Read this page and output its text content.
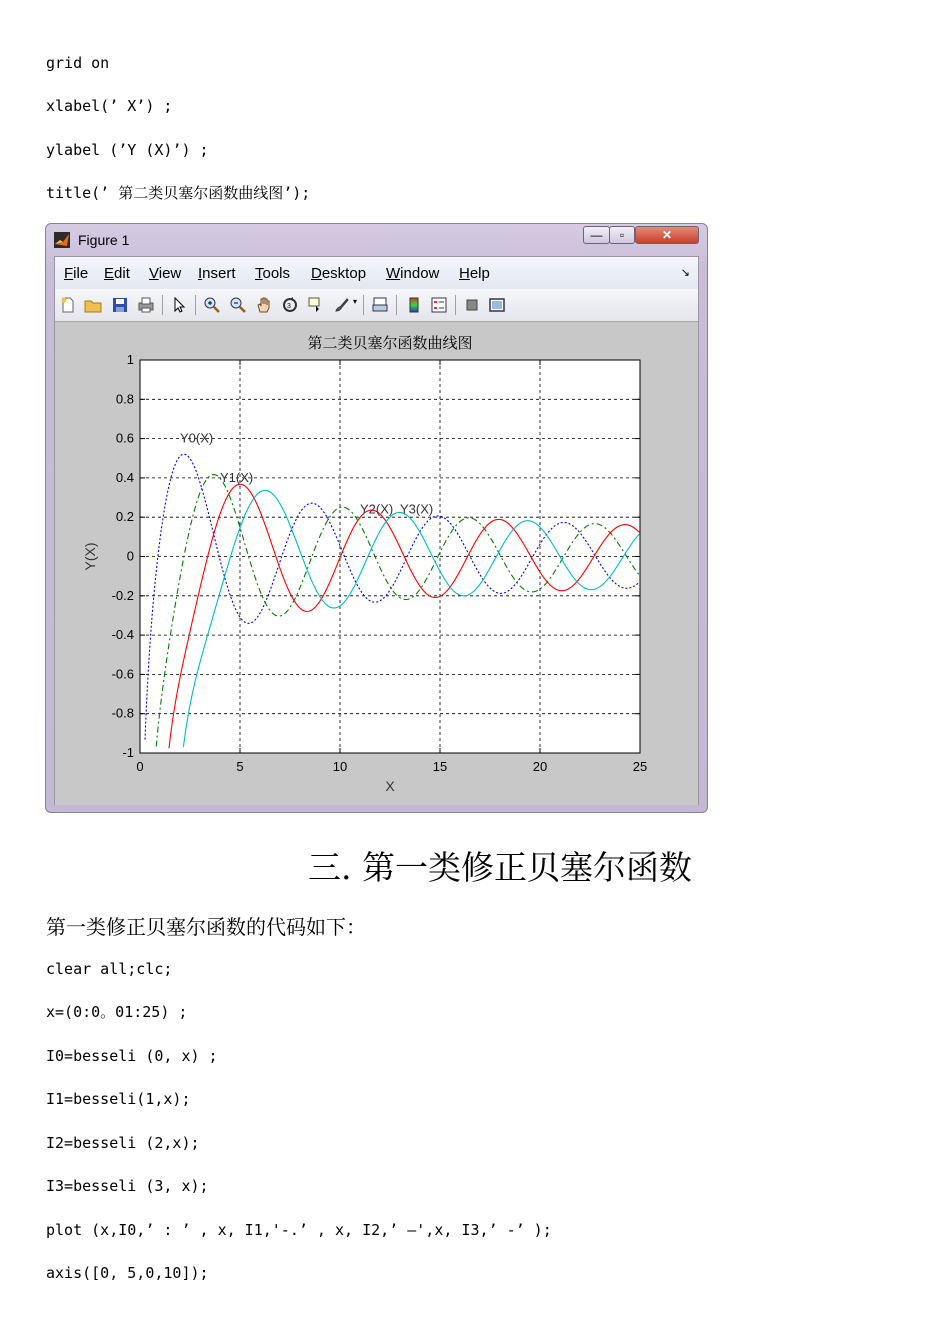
grid on
xlabel(’ X’) ;
ylabel (’Y (X)’) ;
title(’ 第二类贝塞尔函数曲线图’);
Figure 1	— ▫	✕
File Edit View Insert Tools Desktop Window Help	↘
3
▾
0	5	10	15	20	25
-1
-0.8
-0.6
-0.4
-0.2
0
0.2
0.4
0.6
0.8
1
Y0(X)
Y1(X)
Y2(X) Y3(X)
第二类贝塞尔函数曲线图
X
Y(X)
三. 第一类修正贝塞尔函数
第一类修正贝塞尔函数的代码如下：
clear all;clc;
x=(0:0。01:25) ;
I0=besseli (0, x) ;
I1=besseli(1,x);
I2=besseli (2,x);
I3=besseli (3, x);
plot (x,I0,’ : ’ , x, I1,'-.’ , x, I2,’ —',x, I3,’ -’ );
axis([0, 5,0,10]);
